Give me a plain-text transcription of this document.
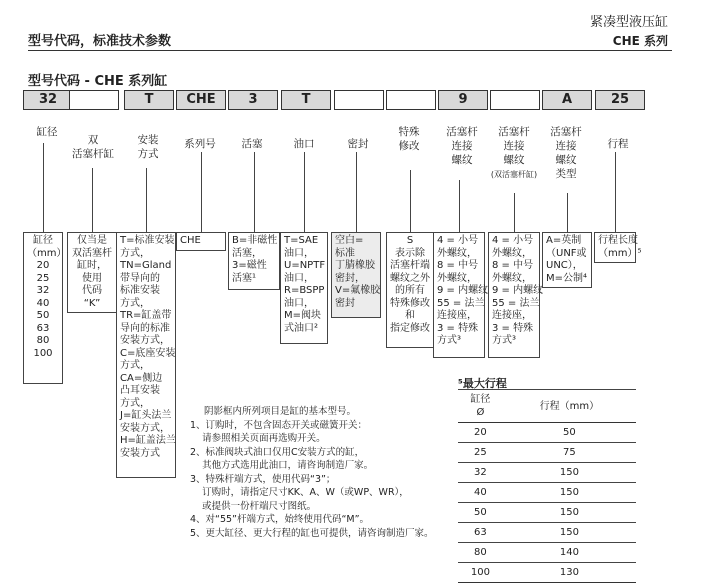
型号代码，标准技术参数
紧凑型液压缸
CHE 系列
型号代码 - CHE 系列缸
32	T	CHE	3	T	9	A	25
缸径
双
活塞杆缸
安装
方式
系列号	活塞	油口	密封
特殊
修改
活塞杆
连接
螺纹
活塞杆
连接
螺纹
(双活塞杆缸)
活塞杆
连接
螺纹
类型
行程
缸径
（mm）
20
25
32
40
50
63
80
100
仅当是
双活塞杆
缸时，
使用
代码
“K”
T=标准安装
方式，
TN=Gland
带导向的
标准安装
方式，
TR=缸盖带
导向的标准
安装方式，
C=底座安装
方式，
CA=侧边
凸耳安装
方式，
J=缸头法兰
安装方式，
H=缸盖法兰
安装方式
CHE	B=非磁性
活塞，
3=磁性
活塞¹
T=SAE
油口，
U=NPTF
油口，
R=BSPP
油口，
M=阀块
式油口²
空白=
标准
丁腈橡胶
密封，
V=氟橡胶
密封
S
表示除
活塞杆端
螺纹之外
的所有
特殊修改
和
指定修改
4 = 小号
外螺纹，
8 = 中号
外螺纹，
9 = 内螺纹
55 = 法兰
连接座，
3 = 特殊
方式³
4 = 小号
外螺纹，
8 = 中号
外螺纹，
9 = 内螺纹
55 = 法兰
连接座，
3 = 特殊
方式³
A=英制
（UNF或
UNC），
M=公制⁴
行程长度
（mm）⁵
阴影框内所列项目是缸的基本型号。
1、订购时，不包含固态开关或磁簧开关：
请参照相关页面再选购开关。
2、标准阀块式油口仅用C安装方式的缸，
其他方式选用此油口，请咨询制造厂家。
3、特殊杆端方式，使用代码“3”；
订购时，请指定尺寸KK、A、W（或WP、WR），
或提供一份杆端尺寸图纸。
4、对“55”杆端方式，始终使用代码“M”。
5、更大缸径、更大行程的缸也可提供，请咨询制造厂家。
⁵最大行程
缸径
Ø	行程（mm）
20	50
25	75
32	150
40	150
50	150
63	150
80	140
100	130
